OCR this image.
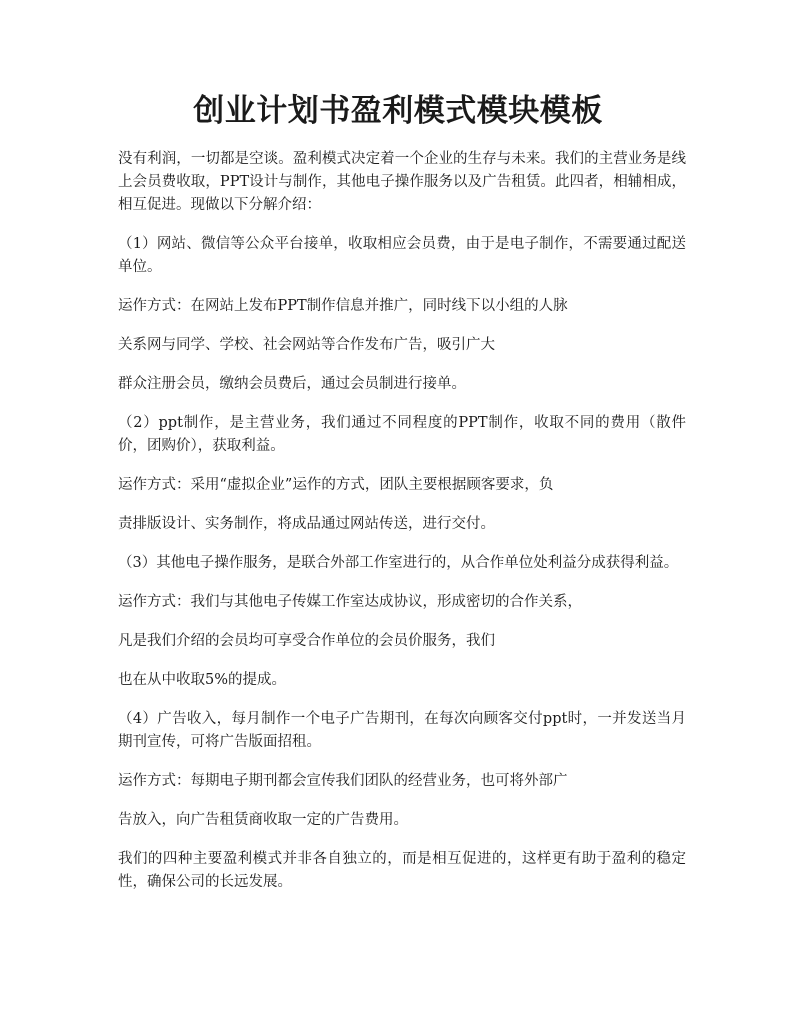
创业计划书盈利模式模块模板

没有利润，一切都是空谈。盈利模式决定着一个企业的生存与未来。我们的主营业务是线上会员费收取，PPT设计与制作，其他电子操作服务以及广告租赁。此四者，相辅相成，相互促进。现做以下分解介绍：

（1）网站、微信等公众平台接单，收取相应会员费，由于是电子制作，不需要通过配送单位。

运作方式：在网站上发布PPT制作信息并推广，同时线下以小组的人脉

关系网与同学、学校、社会网站等合作发布广告，吸引广大

群众注册会员，缴纳会员费后，通过会员制进行接单。

（2）ppt制作，是主营业务，我们通过不同程度的PPT制作，收取不同的费用（散件价，团购价），获取利益。

运作方式：采用“虚拟企业”运作的方式，团队主要根据顾客要求，负

责排版设计、实务制作，将成品通过网站传送，进行交付。

（3）其他电子操作服务，是联合外部工作室进行的，从合作单位处利益分成获得利益。

运作方式：我们与其他电子传媒工作室达成协议，形成密切的合作关系，

凡是我们介绍的会员均可享受合作单位的会员价服务，我们

也在从中收取5%的提成。

（4）广告收入，每月制作一个电子广告期刊，在每次向顾客交付ppt时，一并发送当月期刊宣传，可将广告版面招租。

运作方式：每期电子期刊都会宣传我们团队的经营业务，也可将外部广

告放入，向广告租赁商收取一定的广告费用。

我们的四种主要盈利模式并非各自独立的，而是相互促进的，这样更有助于盈利的稳定性，确保公司的长远发展。
